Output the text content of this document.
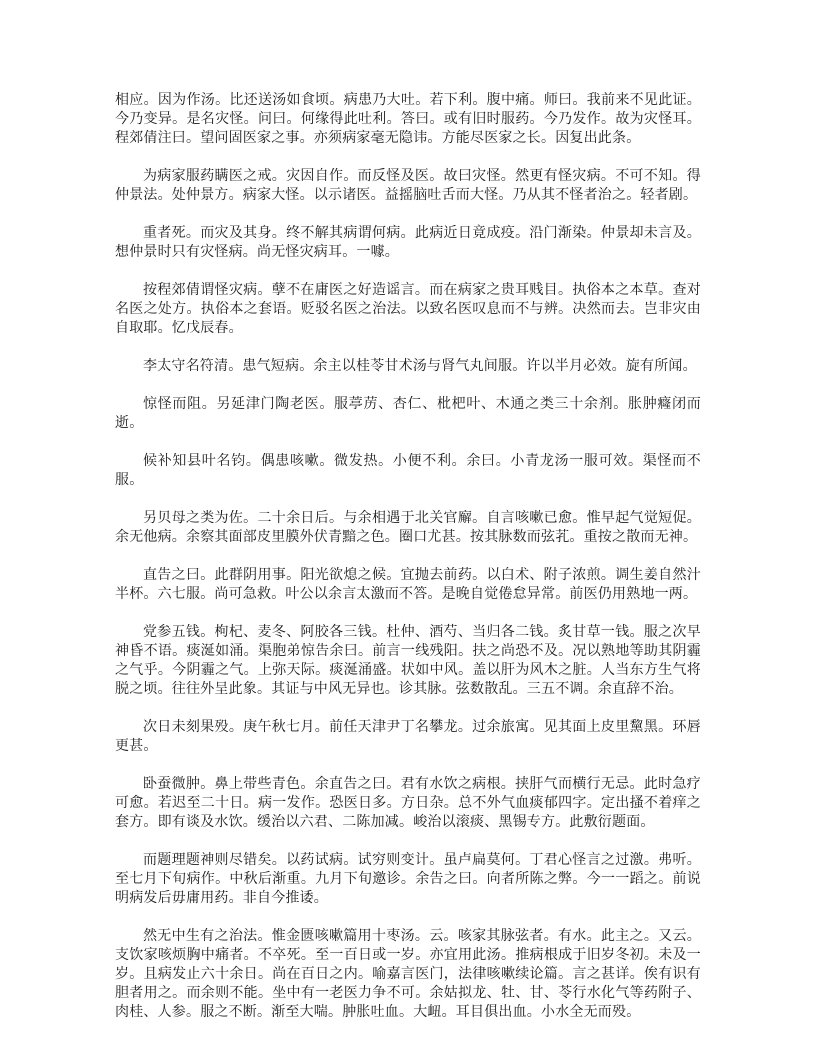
相应。因为作汤。比还送汤如食顷。病患乃大吐。若下利。腹中痛。师曰。我前来不见此证。今乃变异。是名灾怪。问曰。何缘得此吐利。答曰。或有旧时服药。今乃发作。故为灾怪耳。程郊倩注曰。望问固医家之事。亦须病家毫无隐讳。方能尽医家之长。因复出此条。

为病家服药瞒医之戒。灾因自作。而反怪及医。故曰灾怪。然更有怪灾病。不可不知。得仲景法。处仲景方。病家大怪。以示诸医。益摇脑吐舌而大怪。乃从其不怪者治之。轻者剧。

重者死。而灾及其身。终不解其病谓何病。此病近日竟成疫。沿门渐染。仲景却未言及。想仲景时只有灾怪病。尚无怪灾病耳。一噱。

按程郊倩谓怪灾病。孽不在庸医之好造谣言。而在病家之贵耳贱目。执俗本之本草。查对名医之处方。执俗本之套语。贬驳名医之治法。以致名医叹息而不与辨。决然而去。岂非灾由自取耶。忆戊辰春。

李太守名符清。患气短病。余主以桂苓甘术汤与肾气丸间服。许以半月必效。旋有所闻。

惊怪而阻。另延津门陶老医。服葶苈、杏仁、枇杷叶、木通之类三十余剂。胀肿癃闭而逝。

候补知县叶名钧。偶患咳嗽。微发热。小便不利。余曰。小青龙汤一服可效。渠怪而不服。

另贝母之类为佐。二十余日后。与余相遇于北关官廨。自言咳嗽已愈。惟早起气觉短促。余无他病。余察其面部皮里膜外伏青黯之色。圈口尤甚。按其脉数而弦芤。重按之散而无神。

直告之曰。此群阴用事。阳光欲熄之候。宜抛去前药。以白术、附子浓煎。调生姜自然汁半杯。六七服。尚可急救。叶公以余言太激而不答。是晚自觉倦怠异常。前医仍用熟地一两。

党参五钱。枸杞、麦冬、阿胶各三钱。杜仲、酒芍、当归各二钱。炙甘草一钱。服之次早神昏不语。痰涎如涌。渠胞弟惊告余曰。前言一线残阳。扶之尚恐不及。况以熟地等助其阴霾之气乎。今阴霾之气。上弥天际。痰涎涌盛。状如中风。盖以肝为风木之脏。人当东方生气将脱之顷。往往外呈此象。其证与中风无异也。诊其脉。弦数散乱。三五不调。余直辞不治。

次日未刻果殁。庚午秋七月。前任天津尹丁名攀龙。过余旅寓。见其面上皮里黧黑。环唇更甚。

卧蚕微肿。鼻上带些青色。余直告之曰。君有水饮之病根。挟肝气而横行无忌。此时急疗可愈。若迟至二十日。病一发作。恐医日多。方日杂。总不外气血痰郁四字。定出搔不着痒之套方。即有谈及水饮。缓治以六君、二陈加减。峻治以滚痰、黑锡专方。此敷衍题面。

而题理题神则尽错矣。以药试病。试穷则变计。虽卢扁莫何。丁君心怪言之过激。弗听。至七月下旬病作。中秋后渐重。九月下旬邀诊。余告之曰。向者所陈之弊。今一一蹈之。前说明病发后毋庸用药。非自今推诿。

然无中生有之治法。惟金匮咳嗽篇用十枣汤。云。咳家其脉弦者。有水。此主之。又云。支饮家咳烦胸中痛者。不卒死。至一百日或一岁。亦宜用此汤。推病根成于旧岁冬初。未及一岁。且病发止六十余日。尚在百日之内。喻嘉言医门，法律咳嗽续论篇。言之甚详。俟有识有胆者用之。而余则不能。坐中有一老医力争不可。余姑拟龙、牡、甘、苓行水化气等药附子、肉桂、人参。服之不断。渐至大喘。肿胀吐血。大衄。耳目俱出血。小水全无而殁。
